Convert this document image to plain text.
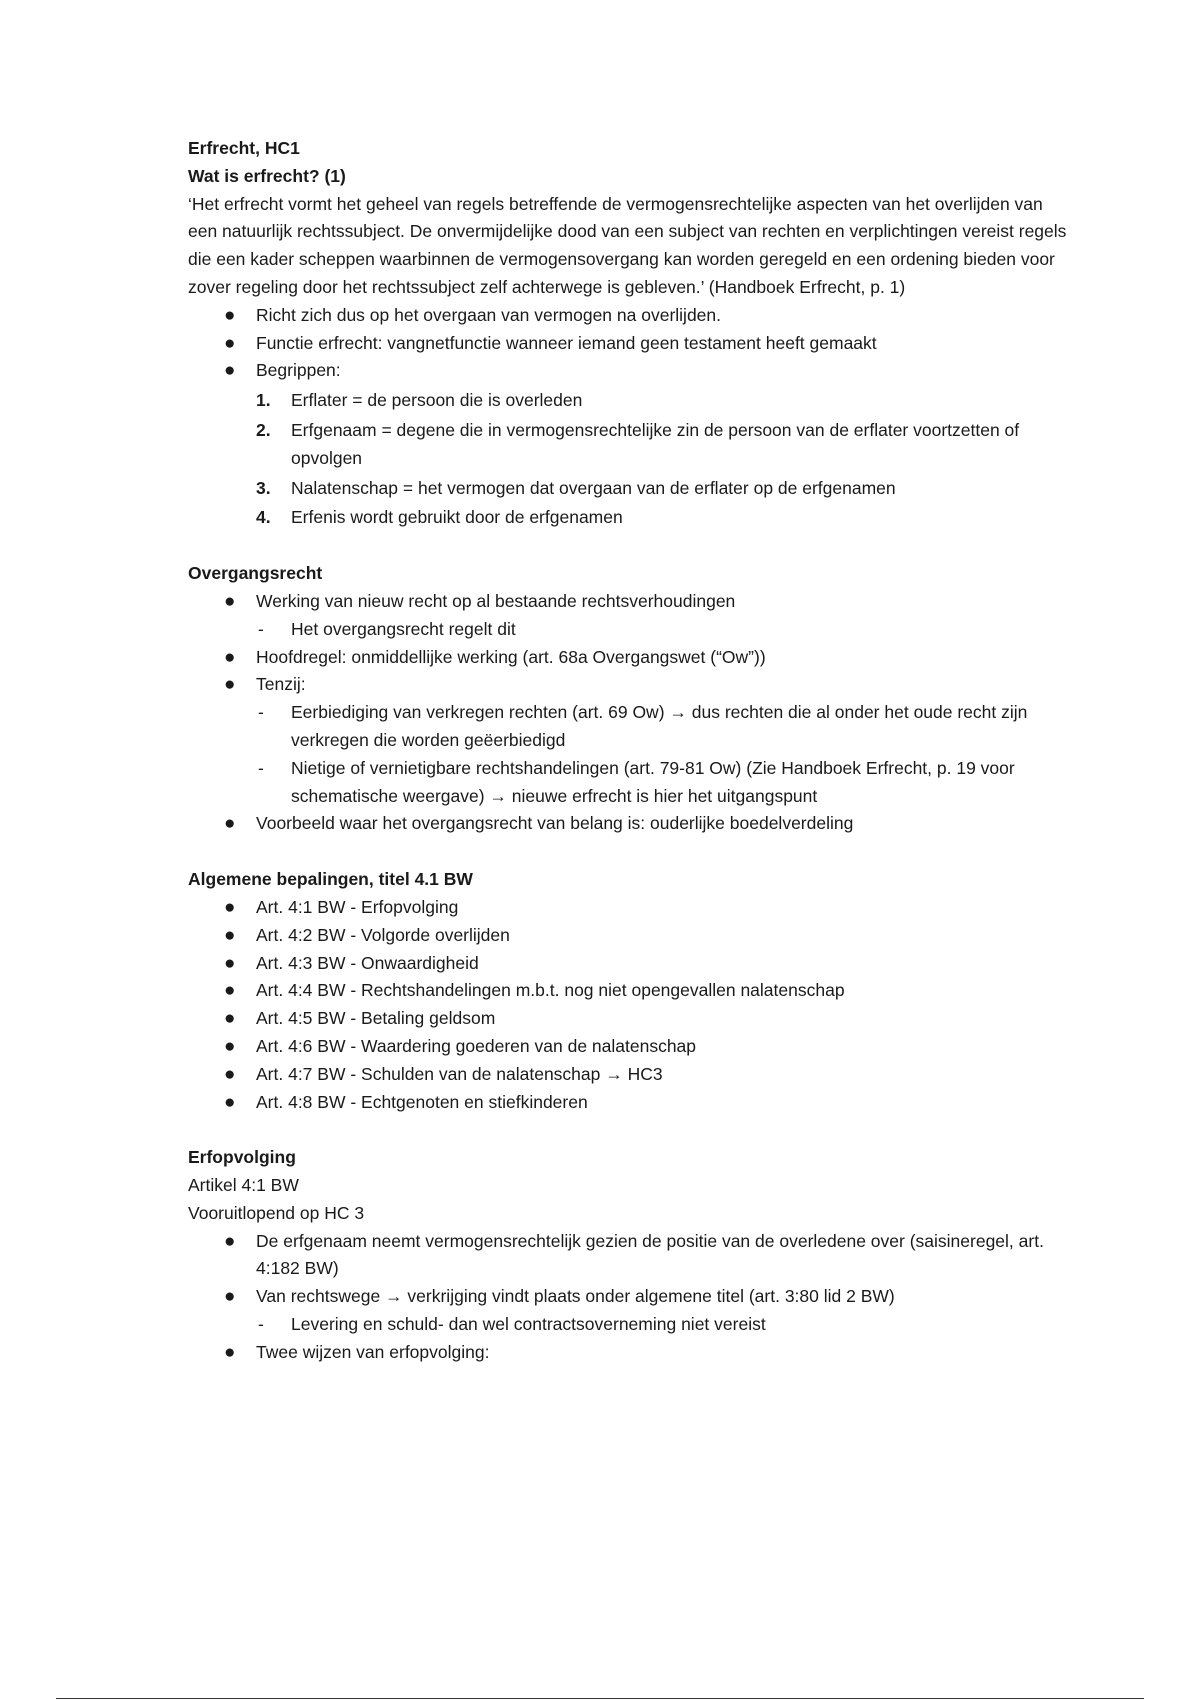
Erfrecht, HC1

Wat is erfrecht? (1)

‘Het erfrecht vormt het geheel van regels betreffende de vermogensrechtelijke aspecten van het overlijden van een natuurlijk rechtssubject. De onvermijdelijke dood van een subject van rechten en verplichtingen vereist regels die een kader scheppen waarbinnen de vermogensovergang kan worden geregeld en een ordening bieden voor zover regeling door het rechtssubject zelf achterwege is gebleven.’ (Handboek Erfrecht, p. 1)

● Richt zich dus op het overgaan van vermogen na overlijden.
● Functie erfrecht: vangnetfunctie wanneer iemand geen testament heeft gemaakt
● Begrippen:
1. Erflater = de persoon die is overleden
2. Erfgenaam = degene die in vermogensrechtelijke zin de persoon van de erflater voortzetten of opvolgen
3. Nalatenschap = het vermogen dat overgaan van de erflater op de erfgenamen
4. Erfenis wordt gebruikt door de erfgenamen

Overgangsrecht

● Werking van nieuw recht op al bestaande rechtsverhoudingen
- Het overgangsrecht regelt dit
● Hoofdregel: onmiddellijke werking (art. 68a Overgangswet (“Ow”))
● Tenzij:
- Eerbiediging van verkregen rechten (art. 69 Ow) → dus rechten die al onder het oude recht zijn verkregen die worden geëerbiedigd
- Nietige of vernietigbare rechtshandelingen (art. 79-81 Ow) (Zie Handboek Erfrecht, p. 19 voor schematische weergave) → nieuwe erfrecht is hier het uitgangspunt
● Voorbeeld waar het overgangsrecht van belang is: ouderlijke boedelverdeling

Algemene bepalingen, titel 4.1 BW

● Art. 4:1 BW - Erfopvolging
● Art. 4:2 BW - Volgorde overlijden
● Art. 4:3 BW - Onwaardigheid
● Art. 4:4 BW - Rechtshandelingen m.b.t. nog niet opengevallen nalatenschap
● Art. 4:5 BW - Betaling geldsom
● Art. 4:6 BW - Waardering goederen van de nalatenschap
● Art. 4:7 BW - Schulden van de nalatenschap → HC3
● Art. 4:8 BW - Echtgenoten en stiefkinderen

Erfopvolging

Artikel 4:1 BW

Vooruitlopend op HC 3

● De erfgenaam neemt vermogensrechtelijk gezien de positie van de overledene over (saisineregel, art. 4:182 BW)
● Van rechtswege → verkrijging vindt plaats onder algemene titel (art. 3:80 lid 2 BW)
- Levering en schuld- dan wel contractsoverneming niet vereist
● Twee wijzen van erfopvolging:
